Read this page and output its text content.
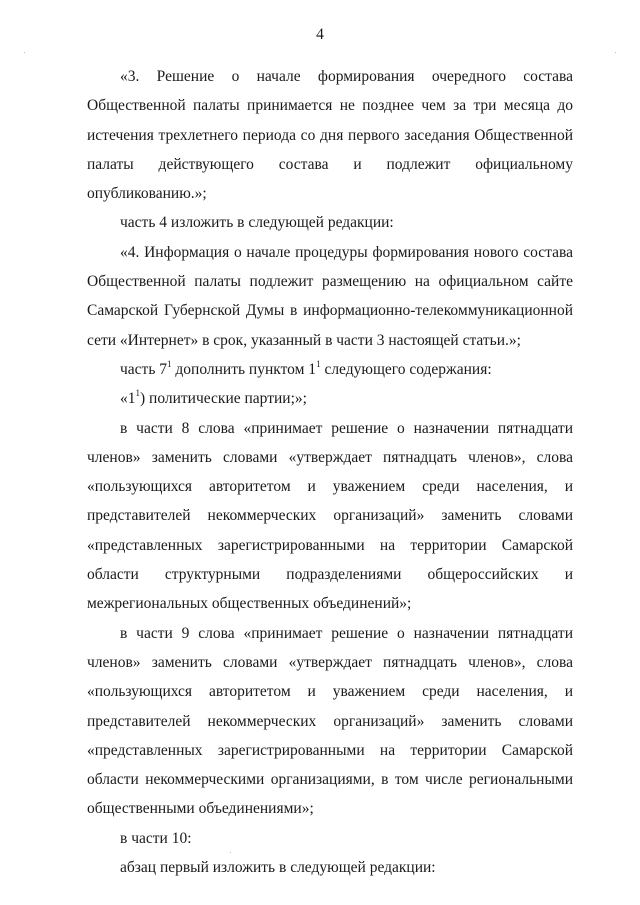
4

«3. Решение о начале формирования очередного состава Общественной палаты принимается не позднее чем за три месяца до истечения трехлетнего периода со дня первого заседания Общественной палаты действующего состава и подлежит официальному опубликованию.»;

часть 4 изложить в следующей редакции:

«4. Информация о начале процедуры формирования нового состава Общественной палаты подлежит размещению на официальном сайте Самарской Губернской Думы в информационно-телекоммуникационной сети «Интернет» в срок, указанный в части 3 настоящей статьи.»;

часть $7^1$ дополнить пунктом $1^1$ следующего содержания:

«$1^1$) политические партии;»;

в части 8 слова «принимает решение о назначении пятнадцати членов» заменить словами «утверждает пятнадцать членов», слова «пользующихся авторитетом и уважением среди населения, и представителей некоммерческих организаций» заменить словами «представленных зарегистрированными на территории Самарской области структурными подразделениями общероссийских и межрегиональных общественных объединений»;

в части 9 слова «принимает решение о назначении пятнадцати членов» заменить словами «утверждает пятнадцать членов», слова «пользующихся авторитетом и уважением среди населения, и представителей некоммерческих организаций» заменить словами «представленных зарегистрированными на территории Самарской области некоммерческими организациями, в том числе региональными общественными объединениями»;

в части 10:

абзац первый изложить в следующей редакции:
